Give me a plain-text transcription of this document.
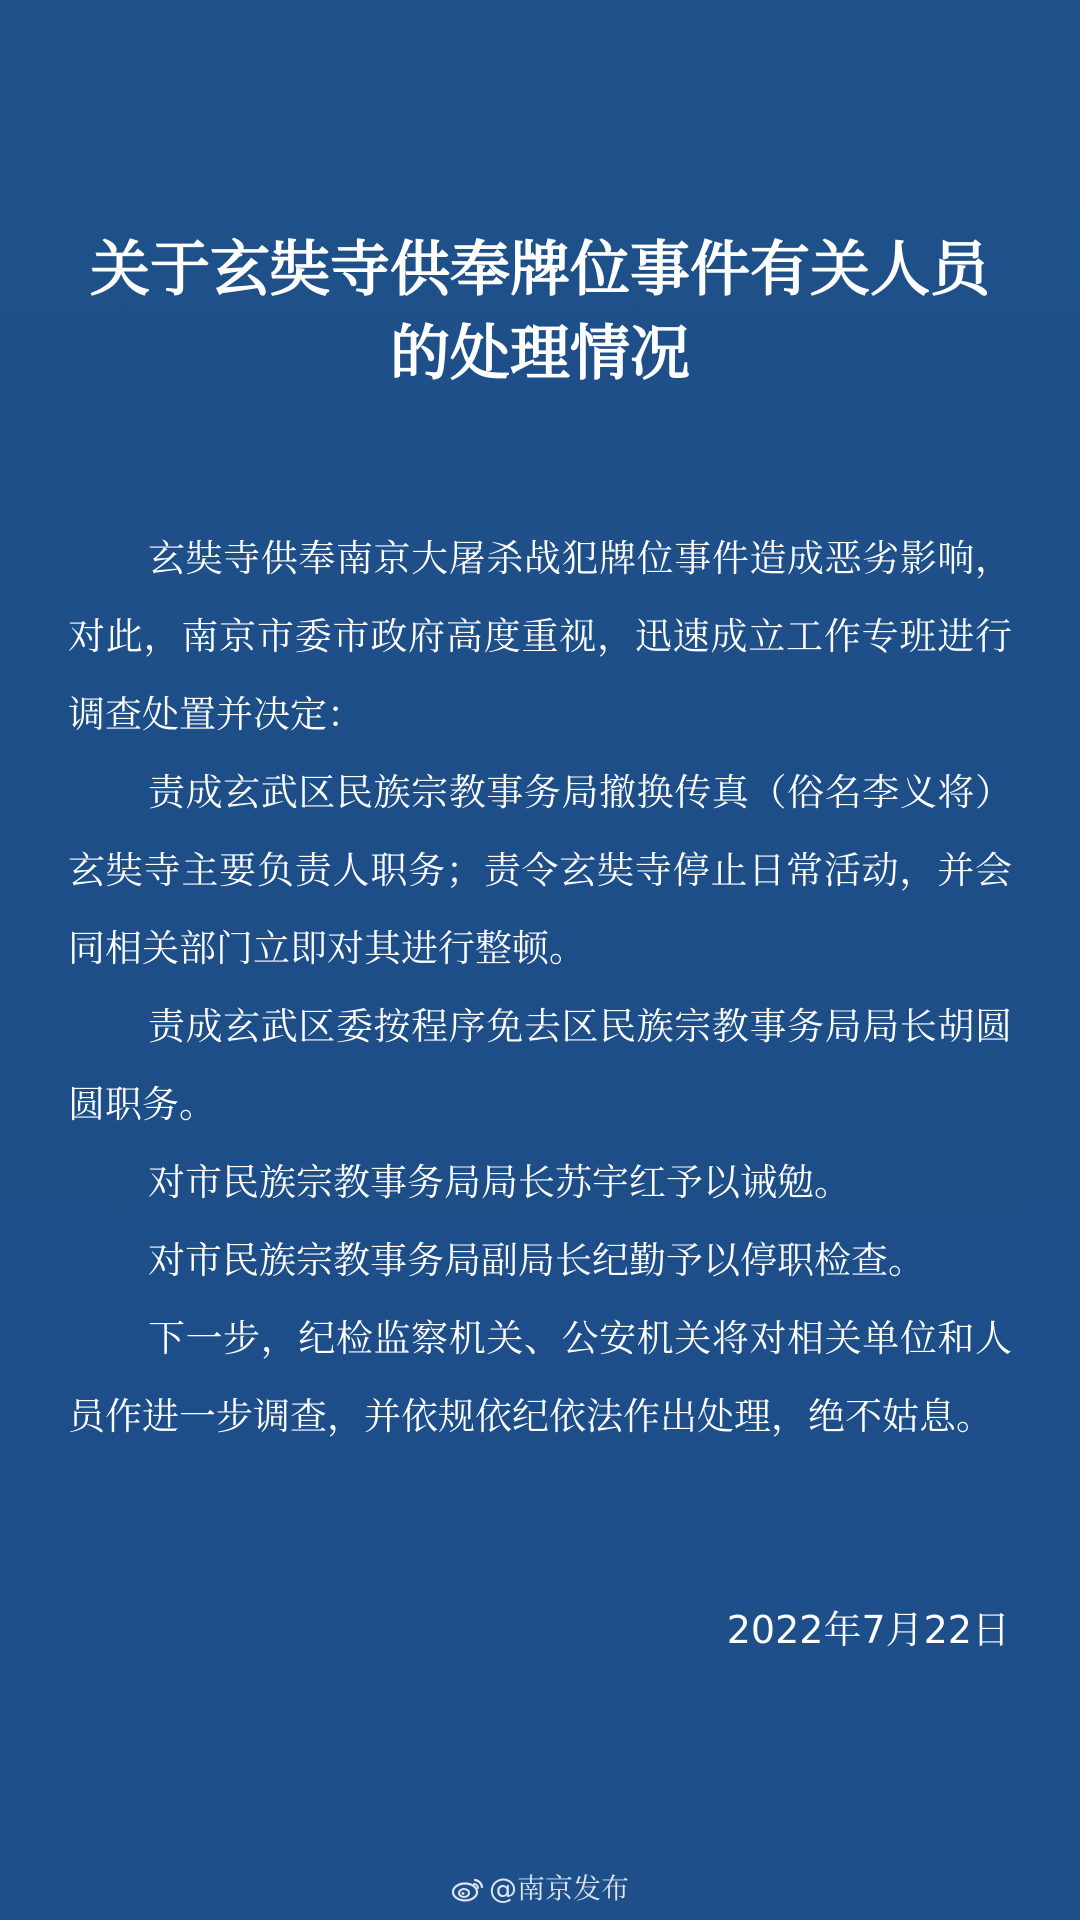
关于玄奘寺供奉牌位事件有关人员
的处理情况

玄奘寺供奉南京大屠杀战犯牌位事件造成恶劣影响，对此，南京市委市政府高度重视，迅速成立工作专班进行调查处置并决定：

责成玄武区民族宗教事务局撤换传真（俗名李义将）玄奘寺主要负责人职务；责令玄奘寺停止日常活动，并会同相关部门立即对其进行整顿。

责成玄武区委按程序免去区民族宗教事务局局长胡圆圆职务。

对市民族宗教事务局局长苏宇红予以诫勉。

对市民族宗教事务局副局长纪勤予以停职检查。

下一步，纪检监察机关、公安机关将对相关单位和人员作进一步调查，并依规依纪依法作出处理，绝不姑息。

2022年7月22日
@南京发布
